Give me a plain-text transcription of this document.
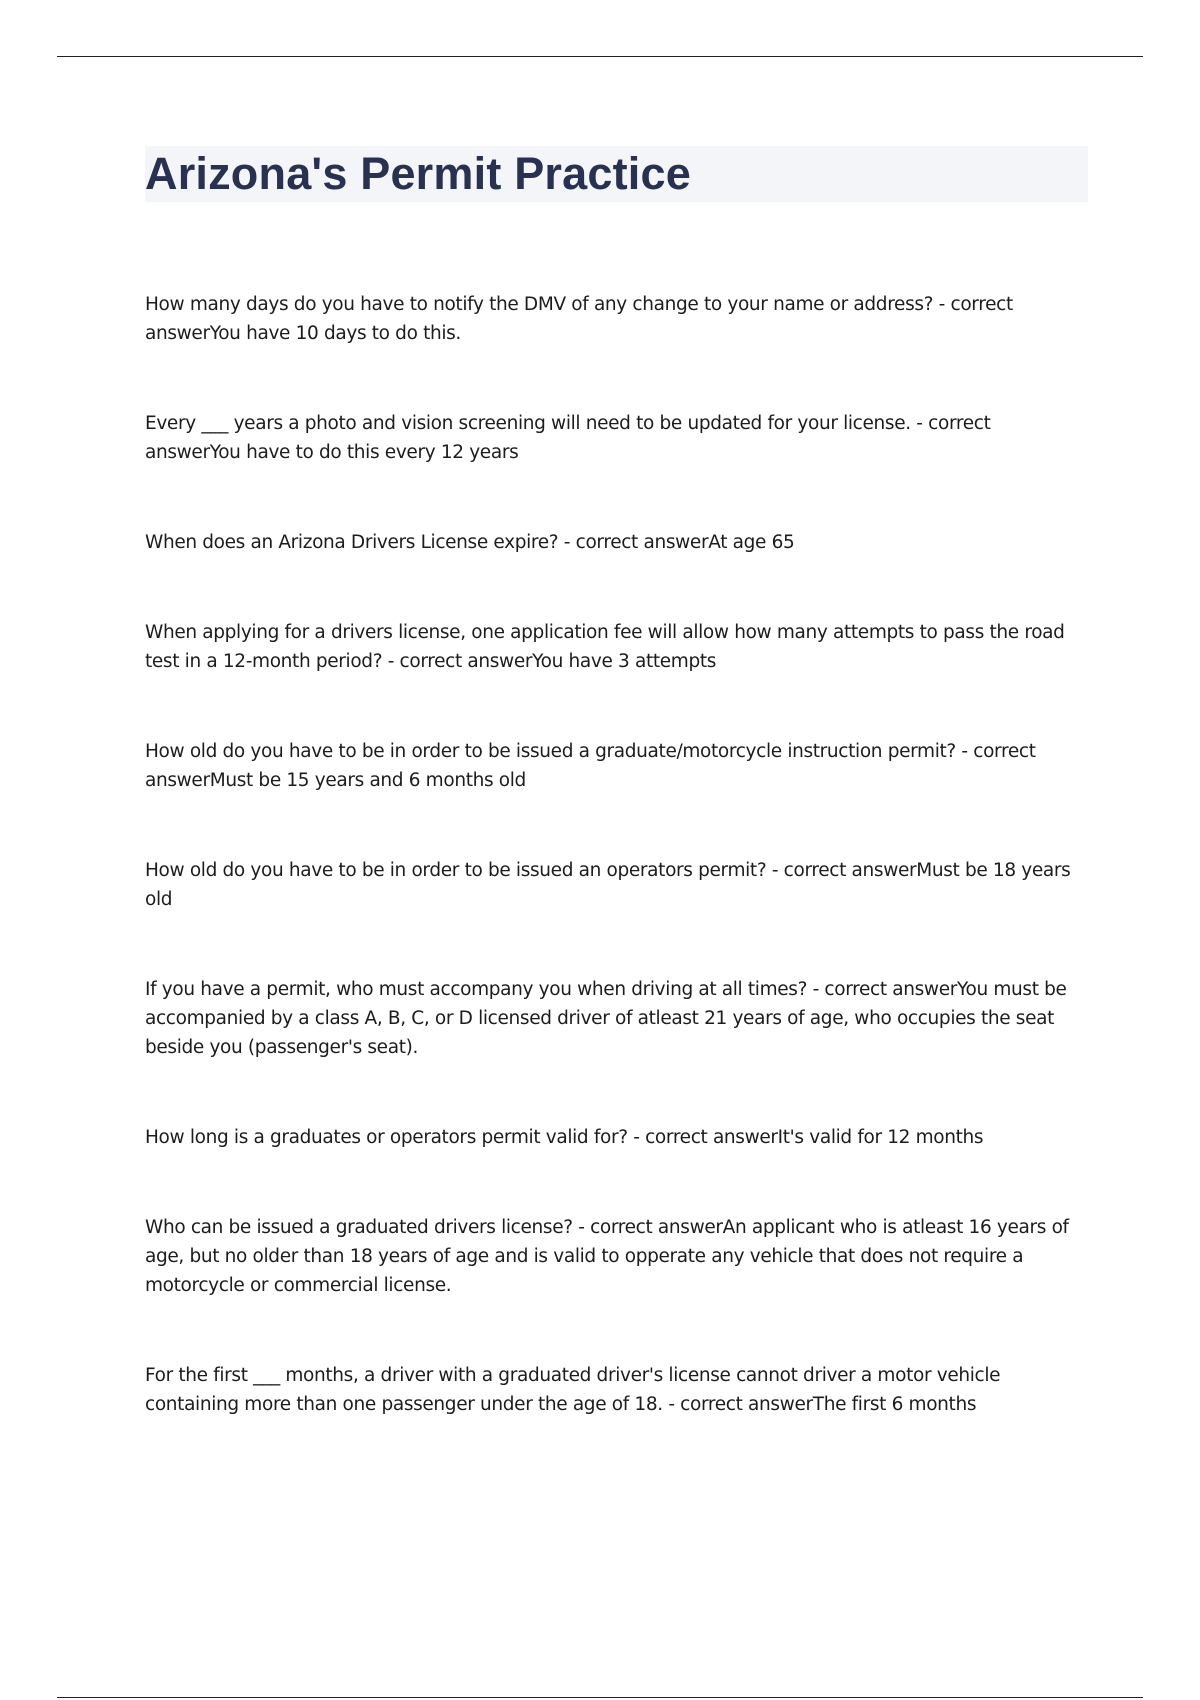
Arizona's Permit Practice
How many days do you have to notify the DMV of any change to your name or address? - correct answerYou have 10 days to do this.
Every ___ years a photo and vision screening will need to be updated for your license. - correct answerYou have to do this every 12 years
When does an Arizona Drivers License expire? - correct answerAt age 65
When applying for a drivers license, one application fee will allow how many attempts to pass the road test in a 12-month period? - correct answerYou have 3 attempts
How old do you have to be in order to be issued a graduate/motorcycle instruction permit? - correct answerMust be 15 years and 6 months old
How old do you have to be in order to be issued an operators permit? - correct answerMust be 18 years old
If you have a permit, who must accompany you when driving at all times? - correct answerYou must be accompanied by a class A, B, C, or D licensed driver of atleast 21 years of age, who occupies the seat beside you (passenger's seat).
How long is a graduates or operators permit valid for? - correct answerIt's valid for 12 months
Who can be issued a graduated drivers license? - correct answerAn applicant who is atleast 16 years of age, but no older than 18 years of age and is valid to opperate any vehicle that does not require a motorcycle or commercial license.
For the first ___ months, a driver with a graduated driver's license cannot driver a motor vehicle containing more than one passenger under the age of 18. - correct answerThe first 6 months
